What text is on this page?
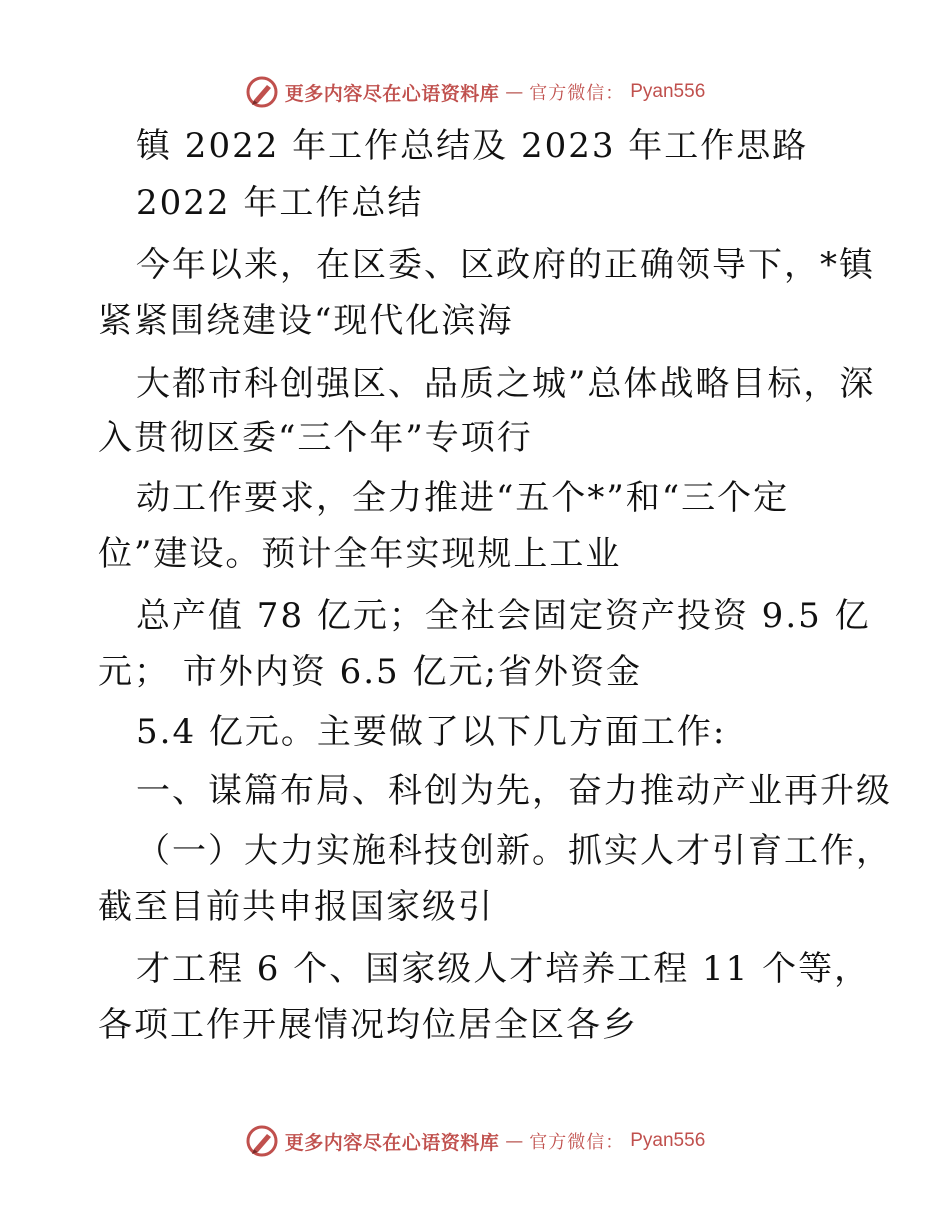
更多内容尽在心语资料库 — 官方微信： Pyan556
镇 2022 年工作总结及 2023 年工作思路
2022 年工作总结
今年以来，在区委、区政府的正确领导下，*镇
紧紧围绕建设“现代化滨海
大都市科创强区、品质之城”总体战略目标，深
入贯彻区委“三个年”专项行
动工作要求，全力推进“五个*”和“三个定
位”建设。预计全年实现规上工业
总产值 78 亿元；全社会固定资产投资 9.5 亿
元； 市外内资 6.5 亿元;省外资金
5.4 亿元。主要做了以下几方面工作:
一、谋篇布局、科创为先，奋力推动产业再升级
（一）大力实施科技创新。抓实人才引育工作，
截至目前共申报国家级引
才工程 6 个、国家级人才培养工程 11 个等，
各项工作开展情况均位居全区各乡
更多内容尽在心语资料库 — 官方微信： Pyan556
